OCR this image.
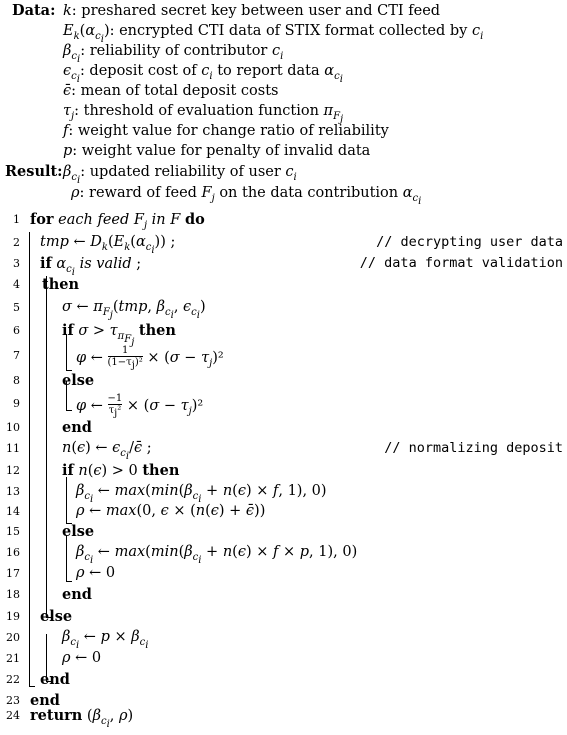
Data: k: preshared secret key between user and CTI feed
$E_k(\alpha_{c_i})$: encrypted CTI data of STIX format collected by $c_i$
$\beta_{c_i}$: reliability of contributor $c_i$
$\epsilon_{c_i}$: deposit cost of $c_i$ to report data $\alpha_{c_i}$
ϵ̄: mean of total deposit costs
$\tau_j$: threshold of evaluation function $\pi_{F_j}$
f: weight value for change ratio of reliability
p: weight value for penalty of invalid data
Result: $\beta_{c_i}$: updated reliability of user $c_i$
ρ: reward of feed $F_j$ on the data contribution $\alpha_{c_i}$
1 for each feed $F_j$ in F do
2 tmp ← $D_k(E_k(\alpha_{c_i}))$ ;	// decrypting user data
3 if $\alpha_{c_i}$ is valid ;	// data format validation
4 then
5	σ ← $\pi_{F_j}(tmp$, $\beta_{c_i}$, $\epsilon_{c_i}$)
6	if $\sigma > \tau_{\pi_{F_j}}$ then
7	φ ← $\frac{1}{(1-\tau_j)^2} \times (\sigma - \tau_j)^2$
8	else
9	φ ← $\frac{-1}{\tau_j^2} \times (\sigma - \tau_j)^2$
10	end
11	n(ϵ) ← $\epsilon_{c_i}/\epsilon̄$ ;	// normalizing deposit
12	if n(ϵ) > 0 then
13	$\beta_{c_i}$ ← $\max(\min(\beta_{c_i} + n(\epsilon) \times f$, 1), 0)
14	ρ ← max(0, ϵ × (n(ϵ) + ϵ̄))
15	else
16	$\beta_{c_i}$ ← $\max(\min(\beta_{c_i} + n(\epsilon) \times f \times p$, 1), 0)
17	ρ ← 0
18	end
19 else
20	$\beta_{c_i}$ ← $p \times \beta_{c_i}$
21	ρ ← 0
22 end
23 end
24 return ($\beta_{c_i}$, ρ)
